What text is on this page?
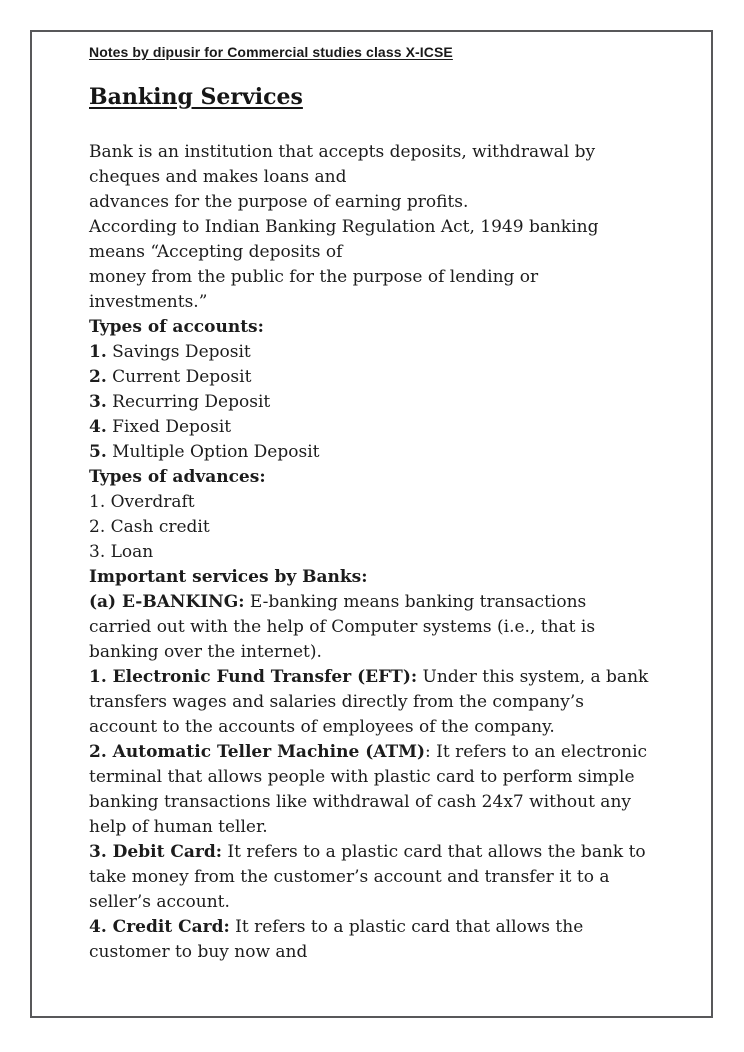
Notes by dipusir for Commercial studies class X-ICSE
Banking Services
Bank is an institution that accepts deposits, withdrawal by
cheques and makes loans and
advances for the purpose of earning profits.
According to Indian Banking Regulation Act, 1949 banking
means “Accepting deposits of
money from the public for the purpose of lending or
investments.”
Types of accounts:
1. Savings Deposit
2. Current Deposit
3. Recurring Deposit
4. Fixed Deposit
5. Multiple Option Deposit
Types of advances:
1. Overdraft
2. Cash credit
3. Loan
Important services by Banks:
(a) E-BANKING: E-banking means banking transactions
carried out with the help of Computer systems (i.e., that is
banking over the internet).
1. Electronic Fund Transfer (EFT): Under this system, a bank
transfers wages and salaries directly from the company’s
account to the accounts of employees of the company.
2. Automatic Teller Machine (ATM): It refers to an electronic
terminal that allows people with plastic card to perform simple
banking transactions like withdrawal of cash 24x7 without any
help of human teller.
3. Debit Card: It refers to a plastic card that allows the bank to
take money from the customer’s account and transfer it to a
seller’s account.
4. Credit Card: It refers to a plastic card that allows the
customer to buy now and
